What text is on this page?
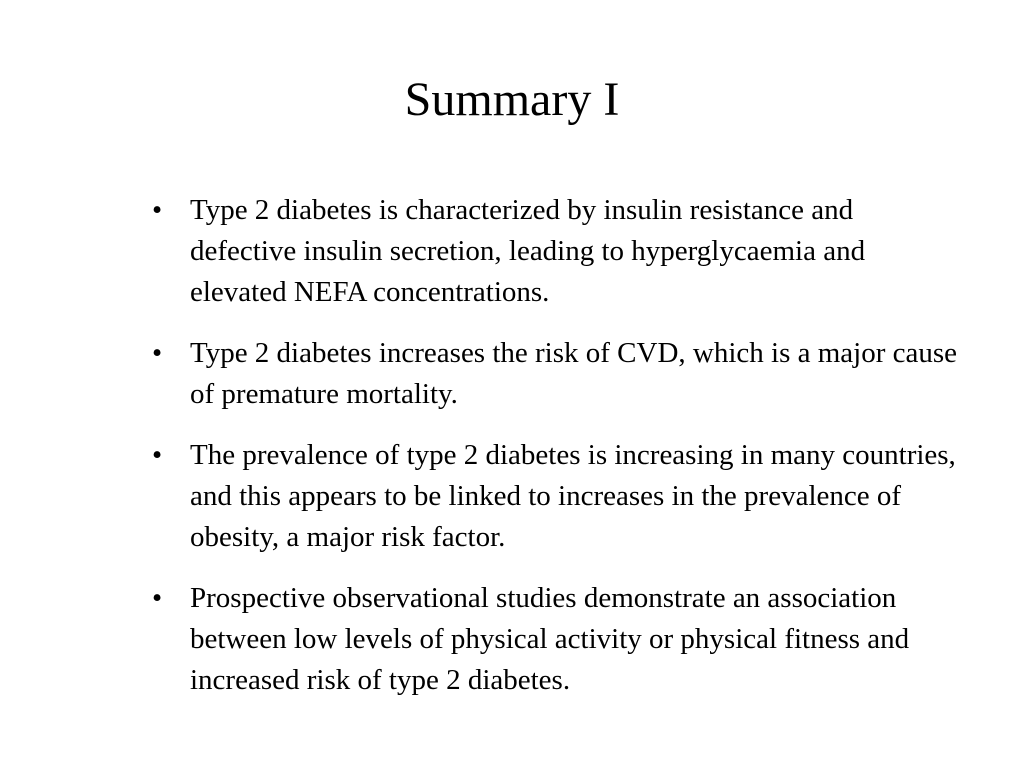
Summary I
• Type 2 diabetes is characterized by insulin resistance and defective insulin secretion, leading to hyperglycaemia and elevated NEFA concentrations.
• Type 2 diabetes increases the risk of CVD, which is a major cause of premature mortality.
• The prevalence of type 2 diabetes is increasing in many countries, and this appears to be linked to increases in the prevalence of obesity, a major risk factor.
• Prospective observational studies demonstrate an association between low levels of physical activity or physical fitness and increased risk of type 2 diabetes.
